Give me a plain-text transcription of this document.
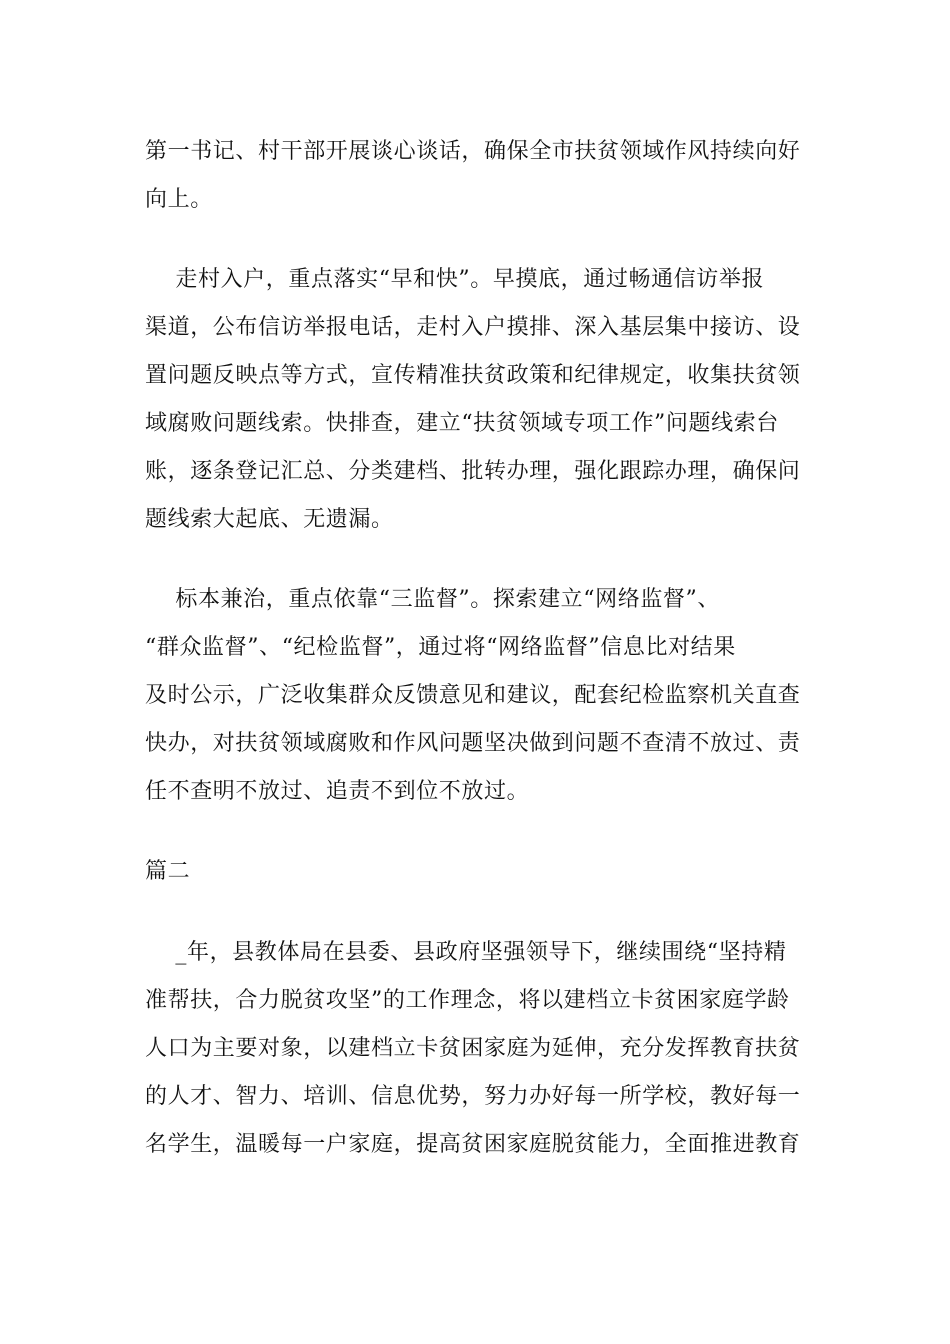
第一书记、村干部开展谈心谈话，确保全市扶贫领域作风持续向好
向上。

走村入户，重点落实“早和快”。早摸底，通过畅通信访举报
渠道，公布信访举报电话，走村入户摸排、深入基层集中接访、设
置问题反映点等方式，宣传精准扶贫政策和纪律规定，收集扶贫领
域腐败问题线索。快排查，建立“扶贫领域专项工作”问题线索台
账，逐条登记汇总、分类建档、批转办理，强化跟踪办理，确保问
题线索大起底、无遗漏。

标本兼治，重点依靠“三监督”。探索建立“网络监督”、
“群众监督”、“纪检监督”，通过将“网络监督”信息比对结果
及时公示，广泛收集群众反馈意见和建议，配套纪检监察机关直查
快办，对扶贫领域腐败和作风问题坚决做到问题不查清不放过、责
任不查明不放过、追责不到位不放过。

篇二

_年，县教体局在县委、县政府坚强领导下，继续围绕“坚持精
准帮扶，合力脱贫攻坚”的工作理念，将以建档立卡贫困家庭学龄
人口为主要对象，以建档立卡贫困家庭为延伸，充分发挥教育扶贫
的人才、智力、培训、信息优势，努力办好每一所学校，教好每一
名学生，温暖每一户家庭，提高贫困家庭脱贫能力，全面推进教育
